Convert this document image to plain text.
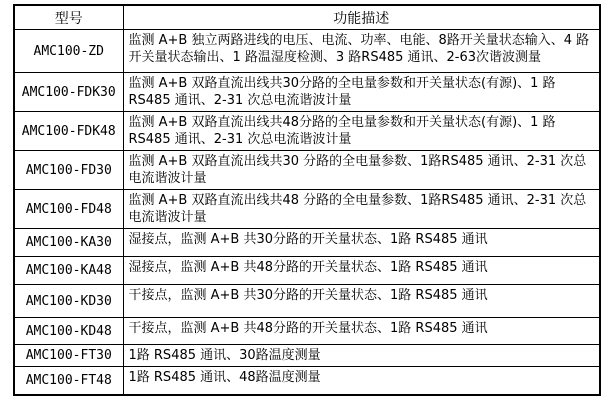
型号	功能描述
AMC100-ZD	监测 A+B 独立两路进线的电压、电流、功率、电能、8路开关量状态输入、4 路开关量状态输出、1 路温湿度检测、3 路RS485 通讯、2-63次谐波测量
AMC100-FDK30	监测 A+B 双路直流出线共30分路的全电量参数和开关量状态(有源)、1 路RS485 通讯、2-31 次总电流谐波计量
AMC100-FDK48	监测 A+B 双路直流出线共48分路的全电量参数和开关量状态(有源)、1 路RS485 通讯、2-31 次总电流谐波计量
AMC100-FD30	监测 A+B 双路直流出线共30 分路的全电量参数、1路RS485 通讯、2-31 次总电流谐波计量
AMC100-FD48	监测 A+B 双路直流出线共48 分路的全电量参数、1路RS485 通讯、2-31 次总电流谐波计量
AMC100-KA30	湿接点，监测 A+B 共30分路的开关量状态、1路 RS485 通讯
AMC100-KA48	湿接点，监测 A+B 共48分路的开关量状态、1路 RS485 通讯
AMC100-KD30	干接点，监测 A+B 共30分路的开关量状态、1路 RS485 通讯
AMC100-KD48	干接点，监测 A+B 共48分路的开关量状态、1路 RS485 通讯
AMC100-FT30	1路 RS485 通讯、30路温度测量
AMC100-FT48	1路 RS485 通讯、48路温度测量
